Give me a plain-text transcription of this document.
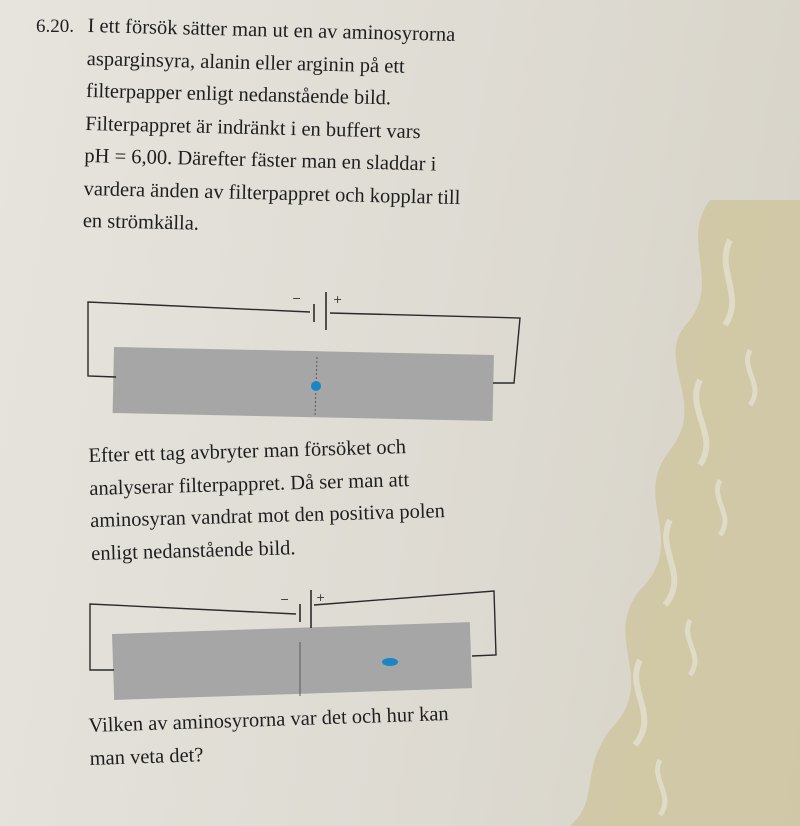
6.20. I ett försök sätter man ut en av aminosyrorna
asparginsyra, alanin eller arginin på ett
filterpapper enligt nedanstående bild.
Filterpappret är indränkt i en buffert vars
pH = 6,00. Därefter fäster man en sladdar i
vardera änden av filterpappret och kopplar till
en strömkälla.
Efter ett tag avbryter man försöket och
analyserar filterpappret. Då ser man att
aminosyran vandrat mot den positiva polen
enligt nedanstående bild.
Vilken av aminosyrorna var det och hur kan
man veta det?
−	+
− +
